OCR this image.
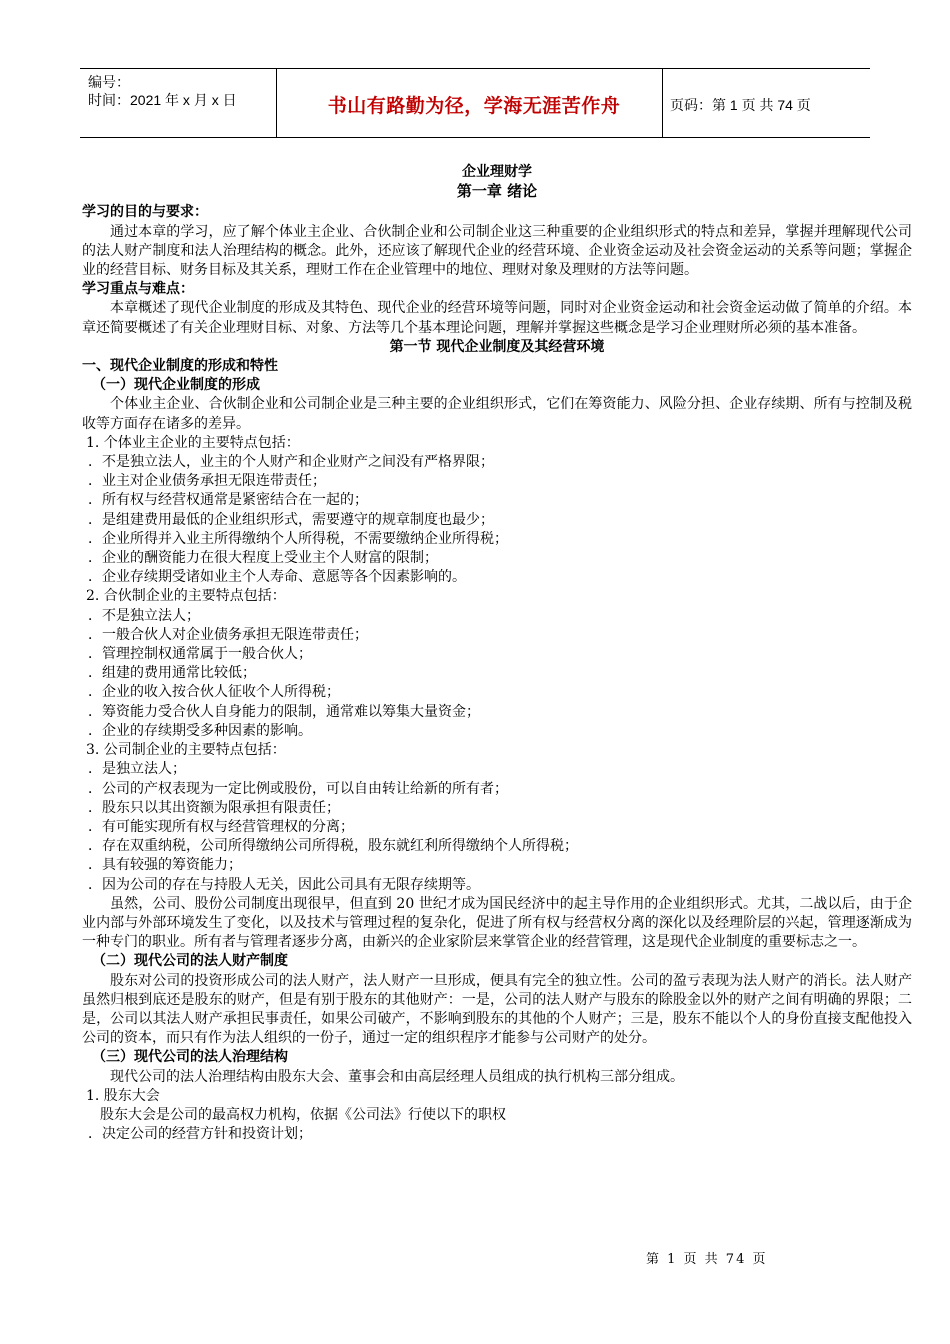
编号：
时间：2021 年 x 月 x 日	书山有路勤为径，学海无涯苦作舟	页码：第 1 页 共 74 页

企业理财学

第一章 绪论

学习的目的与要求：

通过本章的学习，应了解个体业主企业、合伙制企业和公司制企业这三种重要的企业组织形式的特点和差异，掌握并理解现代公司的法人财产制度和法人治理结构的概念。此外，还应该了解现代企业的经营环境、企业资金运动及社会资金运动的关系等问题；掌握企业的经营目标、财务目标及其关系，理财工作在企业管理中的地位、理财对象及理财的方法等问题。

学习重点与难点：

本章概述了现代企业制度的形成及其特色、现代企业的经营环境等问题，同时对企业资金运动和社会资金运动做了简单的介绍。本章还简要概述了有关企业理财目标、对象、方法等几个基本理论问题，理解并掌握这些概念是学习企业理财所必须的基本准备。

第一节 现代企业制度及其经营环境

一、现代企业制度的形成和特性

（一）现代企业制度的形成

个体业主企业、合伙制企业和公司制企业是三种主要的企业组织形式，它们在筹资能力、风险分担、企业存续期、所有与控制及税收等方面存在诸多的差异。

1. 个体业主企业的主要特点包括：

．不是独立法人，业主的个人财产和企业财产之间没有严格界限；

．业主对企业债务承担无限连带责任；

．所有权与经营权通常是紧密结合在一起的；

．是组建费用最低的企业组织形式，需要遵守的规章制度也最少；

．企业所得并入业主所得缴纳个人所得税，不需要缴纳企业所得税；

．企业的酬资能力在很大程度上受业主个人财富的限制；

．企业存续期受诸如业主个人寿命、意愿等各个因素影响的。

2. 合伙制企业的主要特点包括：

．不是独立法人；

．一般合伙人对企业债务承担无限连带责任；

．管理控制权通常属于一般合伙人；

．组建的费用通常比较低；

．企业的收入按合伙人征收个人所得税；

．筹资能力受合伙人自身能力的限制，通常难以筹集大量资金；

．企业的存续期受多种因素的影响。

3. 公司制企业的主要特点包括：

．是独立法人；

．公司的产权表现为一定比例或股份，可以自由转让给新的所有者；

．股东只以其出资额为限承担有限责任；

．有可能实现所有权与经营管理权的分离；

．存在双重纳税，公司所得缴纳公司所得税，股东就红利所得缴纳个人所得税；

．具有较强的筹资能力；

．因为公司的存在与持股人无关，因此公司具有无限存续期等。

虽然，公司、股份公司制度出现很早，但直到 20 世纪才成为国民经济中的起主导作用的企业组织形式。尤其，二战以后，由于企业内部与外部环境发生了变化，以及技术与管理过程的复杂化，促进了所有权与经营权分离的深化以及经理阶层的兴起，管理逐渐成为一种专门的职业。所有者与管理者逐步分离，由新兴的企业家阶层来掌管企业的经营管理，这是现代企业制度的重要标志之一。

（二）现代公司的法人财产制度

股东对公司的投资形成公司的法人财产，法人财产一旦形成，便具有完全的独立性。公司的盈亏表现为法人财产的消长。法人财产虽然归根到底还是股东的财产，但是有别于股东的其他财产：一是，公司的法人财产与股东的除股金以外的财产之间有明确的界限；二是，公司以其法人财产承担民事责任，如果公司破产，不影响到股东的其他的个人财产；三是，股东不能以个人的身份直接支配他投入公司的资本，而只有作为法人组织的一份子，通过一定的组织程序才能参与公司财产的处分。

（三）现代公司的法人治理结构

现代公司的法人治理结构由股东大会、董事会和由高层经理人员组成的执行机构三部分组成。

1. 股东大会

股东大会是公司的最高权力机构，依据《公司法》行使以下的职权

．决定公司的经营方针和投资计划；

第 1 页 共 74 页
